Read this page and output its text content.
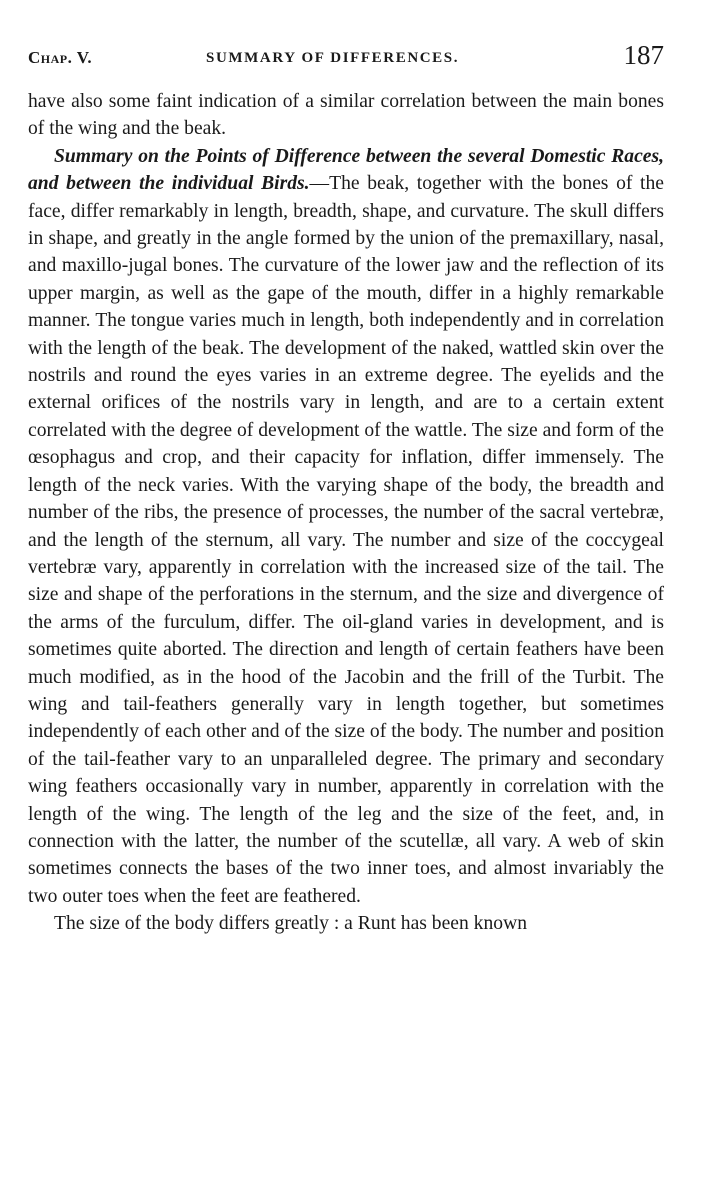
Chap. V.	SUMMARY OF DIFFERENCES.	187

have also some faint indication of a similar correlation between the main bones of the wing and the beak.

Summary on the Points of Difference between the several Domestic Races, and between the individual Birds.—The beak, together with the bones of the face, differ remarkably in length, breadth, shape, and curvature. The skull differs in shape, and greatly in the angle formed by the union of the premaxillary, nasal, and maxillo-jugal bones. The curvature of the lower jaw and the reflection of its upper margin, as well as the gape of the mouth, differ in a highly remarkable manner. The tongue varies much in length, both independently and in correlation with the length of the beak. The development of the naked, wattled skin over the nostrils and round the eyes varies in an extreme degree. The eyelids and the external orifices of the nostrils vary in length, and are to a certain extent correlated with the degree of development of the wattle. The size and form of the œsophagus and crop, and their capacity for inflation, differ immensely. The length of the neck varies. With the varying shape of the body, the breadth and number of the ribs, the presence of processes, the number of the sacral vertebræ, and the length of the sternum, all vary. The number and size of the coccygeal vertebræ vary, apparently in correlation with the increased size of the tail. The size and shape of the perforations in the sternum, and the size and divergence of the arms of the furculum, differ. The oil-gland varies in development, and is sometimes quite aborted. The direction and length of certain feathers have been much modified, as in the hood of the Jacobin and the frill of the Turbit. The wing and tail-feathers generally vary in length together, but sometimes independently of each other and of the size of the body. The number and position of the tail-feather vary to an unparalleled degree. The primary and secondary wing feathers occasionally vary in number, apparently in correlation with the length of the wing. The length of the leg and the size of the feet, and, in connection with the latter, the number of the scutellæ, all vary. A web of skin sometimes connects the bases of the two inner toes, and almost invariably the two outer toes when the feet are feathered.

The size of the body differs greatly : a Runt has been known
